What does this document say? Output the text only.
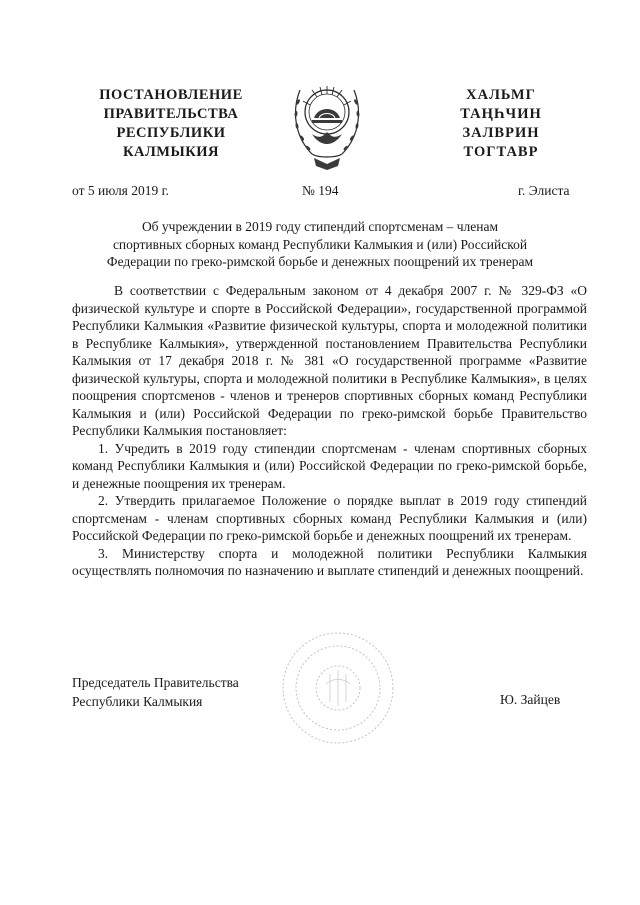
ПОСТАНОВЛЕНИЕ
ПРАВИТЕЛЬСТВА
РЕСПУБЛИКИ
КАЛМЫКИЯ
ХАЛЬМГ
ТАҢҺЧИН
ЗАЛВРИН
ТОГТАВР
от 5 июля 2019 г.	№ 194	г. Элиста
Об учреждении в 2019 году стипендий спортсменам – членам
спортивных сборных команд Республики Калмыкия и (или) Российской
Федерации по греко-римской борьбе и денежных поощрений их тренерам

В соответствии с Федеральным законом от 4 декабря 2007 г. № 329-ФЗ «О физической культуре и спорте в Российской Федерации», государственной программой Республики Калмыкия «Развитие физической культуры, спорта и молодежной политики в Республике Калмыкия», утвержденной постановлением Правительства Республики Калмыкия от 17 декабря 2018 г. № 381 «О государственной программе «Развитие физической культуры, спорта и молодежной политики в Республике Калмыкия», в целях поощрения спортсменов - членов и тренеров спортивных сборных команд Республики Калмыкия и (или) Российской Федерации по греко-римской борьбе Правительство Республики Калмыкия постановляет:

1. Учредить в 2019 году стипендии спортсменам - членам спортивных сборных команд Республики Калмыкия и (или) Российской Федерации по греко-римской борьбе, и денежные поощрения их тренерам.

2. Утвердить прилагаемое Положение о порядке выплат в 2019 году стипендий спортсменам - членам спортивных сборных команд Республики Калмыкия и (или) Российской Федерации по греко-римской борьбе и денежных поощрений их тренерам.

3. Министерству спорта и молодежной политики Республики Калмыкия осуществлять полномочия по назначению и выплате стипендий и денежных поощрений.

Председатель Правительства
Республики Калмыкия	Ю. Зайцев
